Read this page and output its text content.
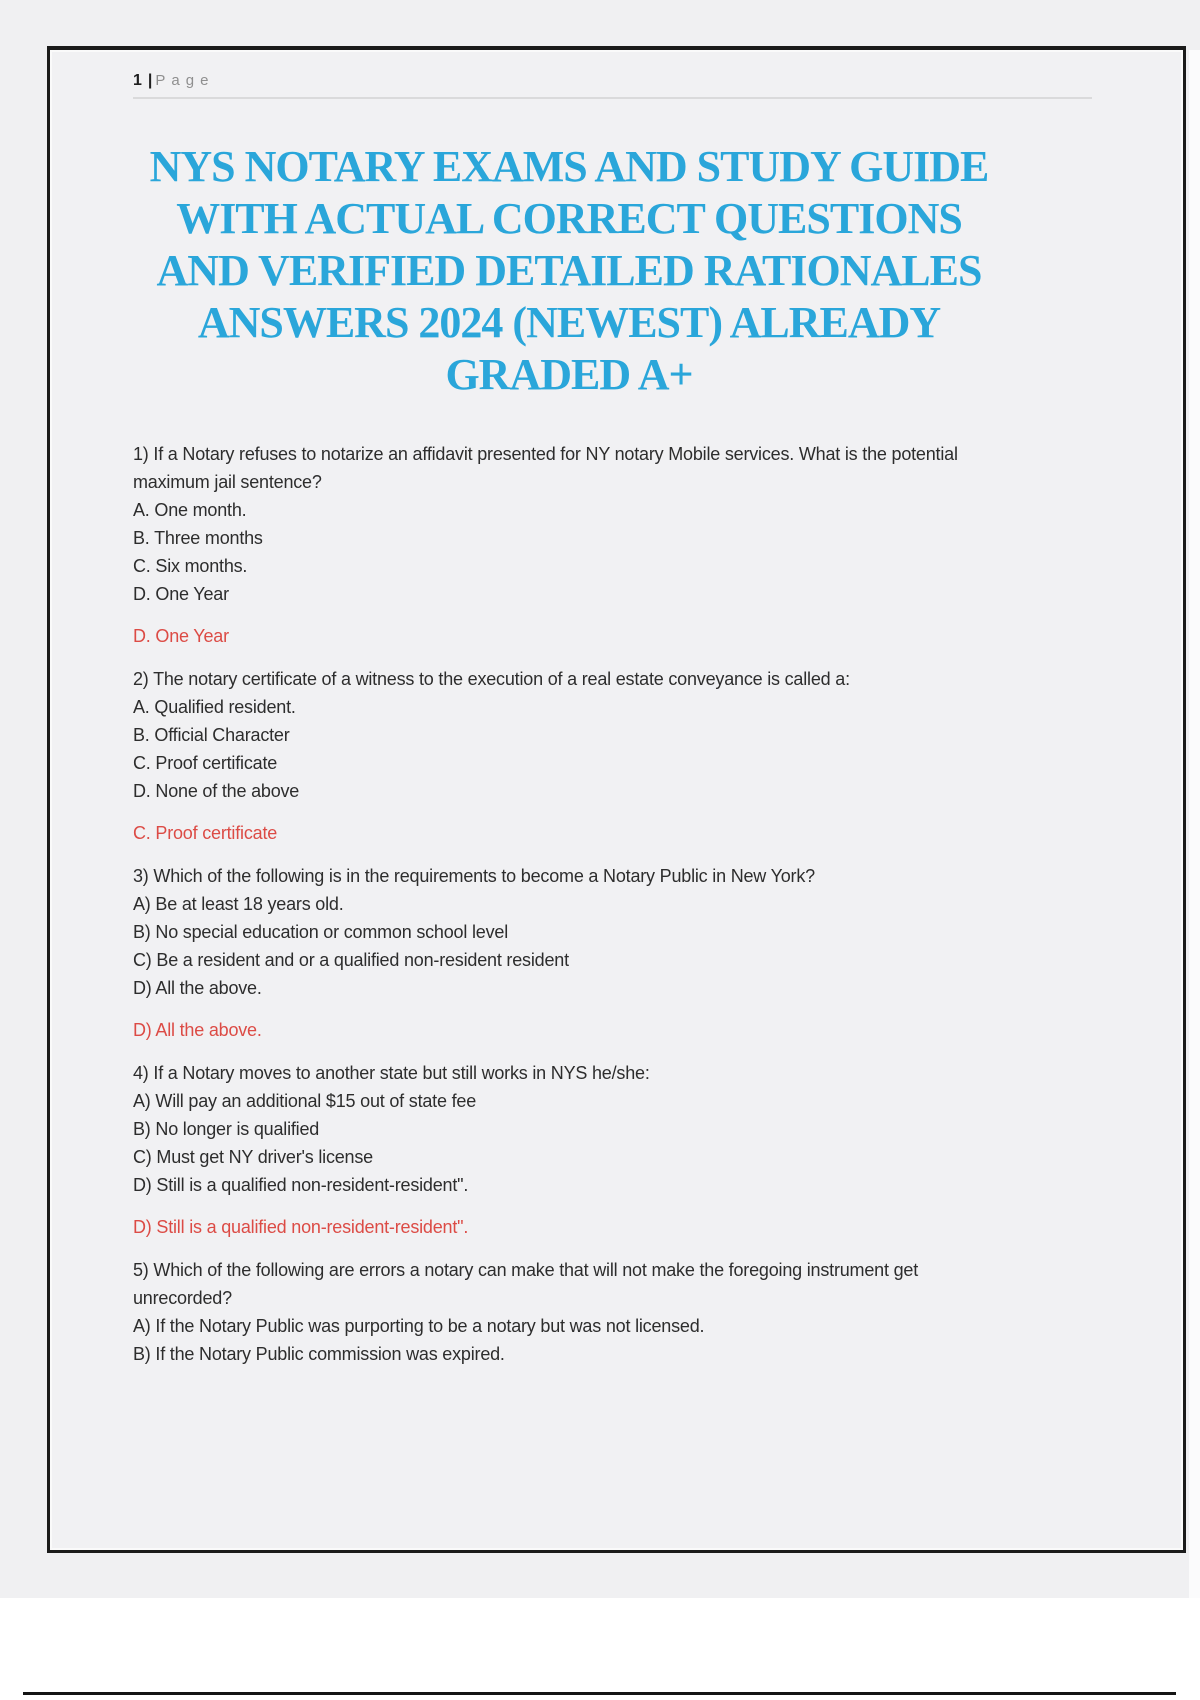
1 | Page
NYS NOTARY EXAMS AND STUDY GUIDE
WITH ACTUAL CORRECT QUESTIONS
AND VERIFIED DETAILED RATIONALES
ANSWERS 2024 (NEWEST) ALREADY
GRADED A+

1) If a Notary refuses to notarize an affidavit presented for NY notary Mobile services. What is the potential maximum jail sentence?

A. One month.

B. Three months

C. Six months.

D. One Year

D. One Year

2) The notary certificate of a witness to the execution of a real estate conveyance is called a:

A. Qualified resident.

B. Official Character

C. Proof certificate

D. None of the above

C. Proof certificate

3) Which of the following is in the requirements to become a Notary Public in New York?

A) Be at least 18 years old.

B) No special education or common school level

C) Be a resident and or a qualified non-resident resident

D) All the above.

D) All the above.

4) If a Notary moves to another state but still works in NYS he/she:

A) Will pay an additional $15 out of state fee

B) No longer is qualified

C) Must get NY driver's license

D) Still is a qualified non-resident-resident".

D) Still is a qualified non-resident-resident".

5) Which of the following are errors a notary can make that will not make the foregoing instrument get unrecorded?

A) If the Notary Public was purporting to be a notary but was not licensed.

B) If the Notary Public commission was expired.
